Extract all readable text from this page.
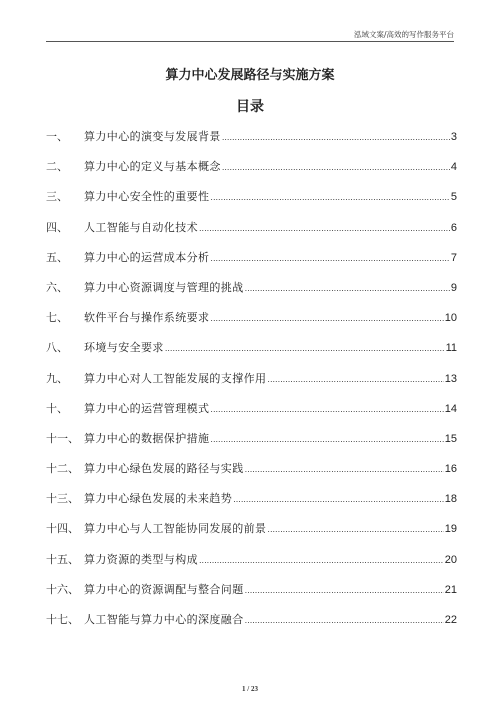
泓域文案/高效的写作服务平台
算力中心发展路径与实施方案
目录
一、	算力中心的演变与发展背景 .....	3
二、	算力中心的定义与基本概念 .....	4
三、	算力中心安全性的重要性 .....	5
四、	人工智能与自动化技术 .....	6
五、	算力中心的运营成本分析 .....	7
六、	算力中心资源调度与管理的挑战 .....	9
七、	软件平台与操作系统要求 .....	10
八、	环境与安全要求 .....	11
九、	算力中心对人工智能发展的支撑作用 .....	13
十、	算力中心的运营管理模式 .....	14
十一、 算力中心的数据保护措施 .....	15
十二、 算力中心绿色发展的路径与实践 .....	16
十三、 算力中心绿色发展的未来趋势 .....	18
十四、 算力中心与人工智能协同发展的前景 .....	19
十五、 算力资源的类型与构成 .....	20
十六、 算力中心的资源调配与整合问题 .....	21
十七、 人工智能与算力中心的深度融合 .....	22
1 / 23
